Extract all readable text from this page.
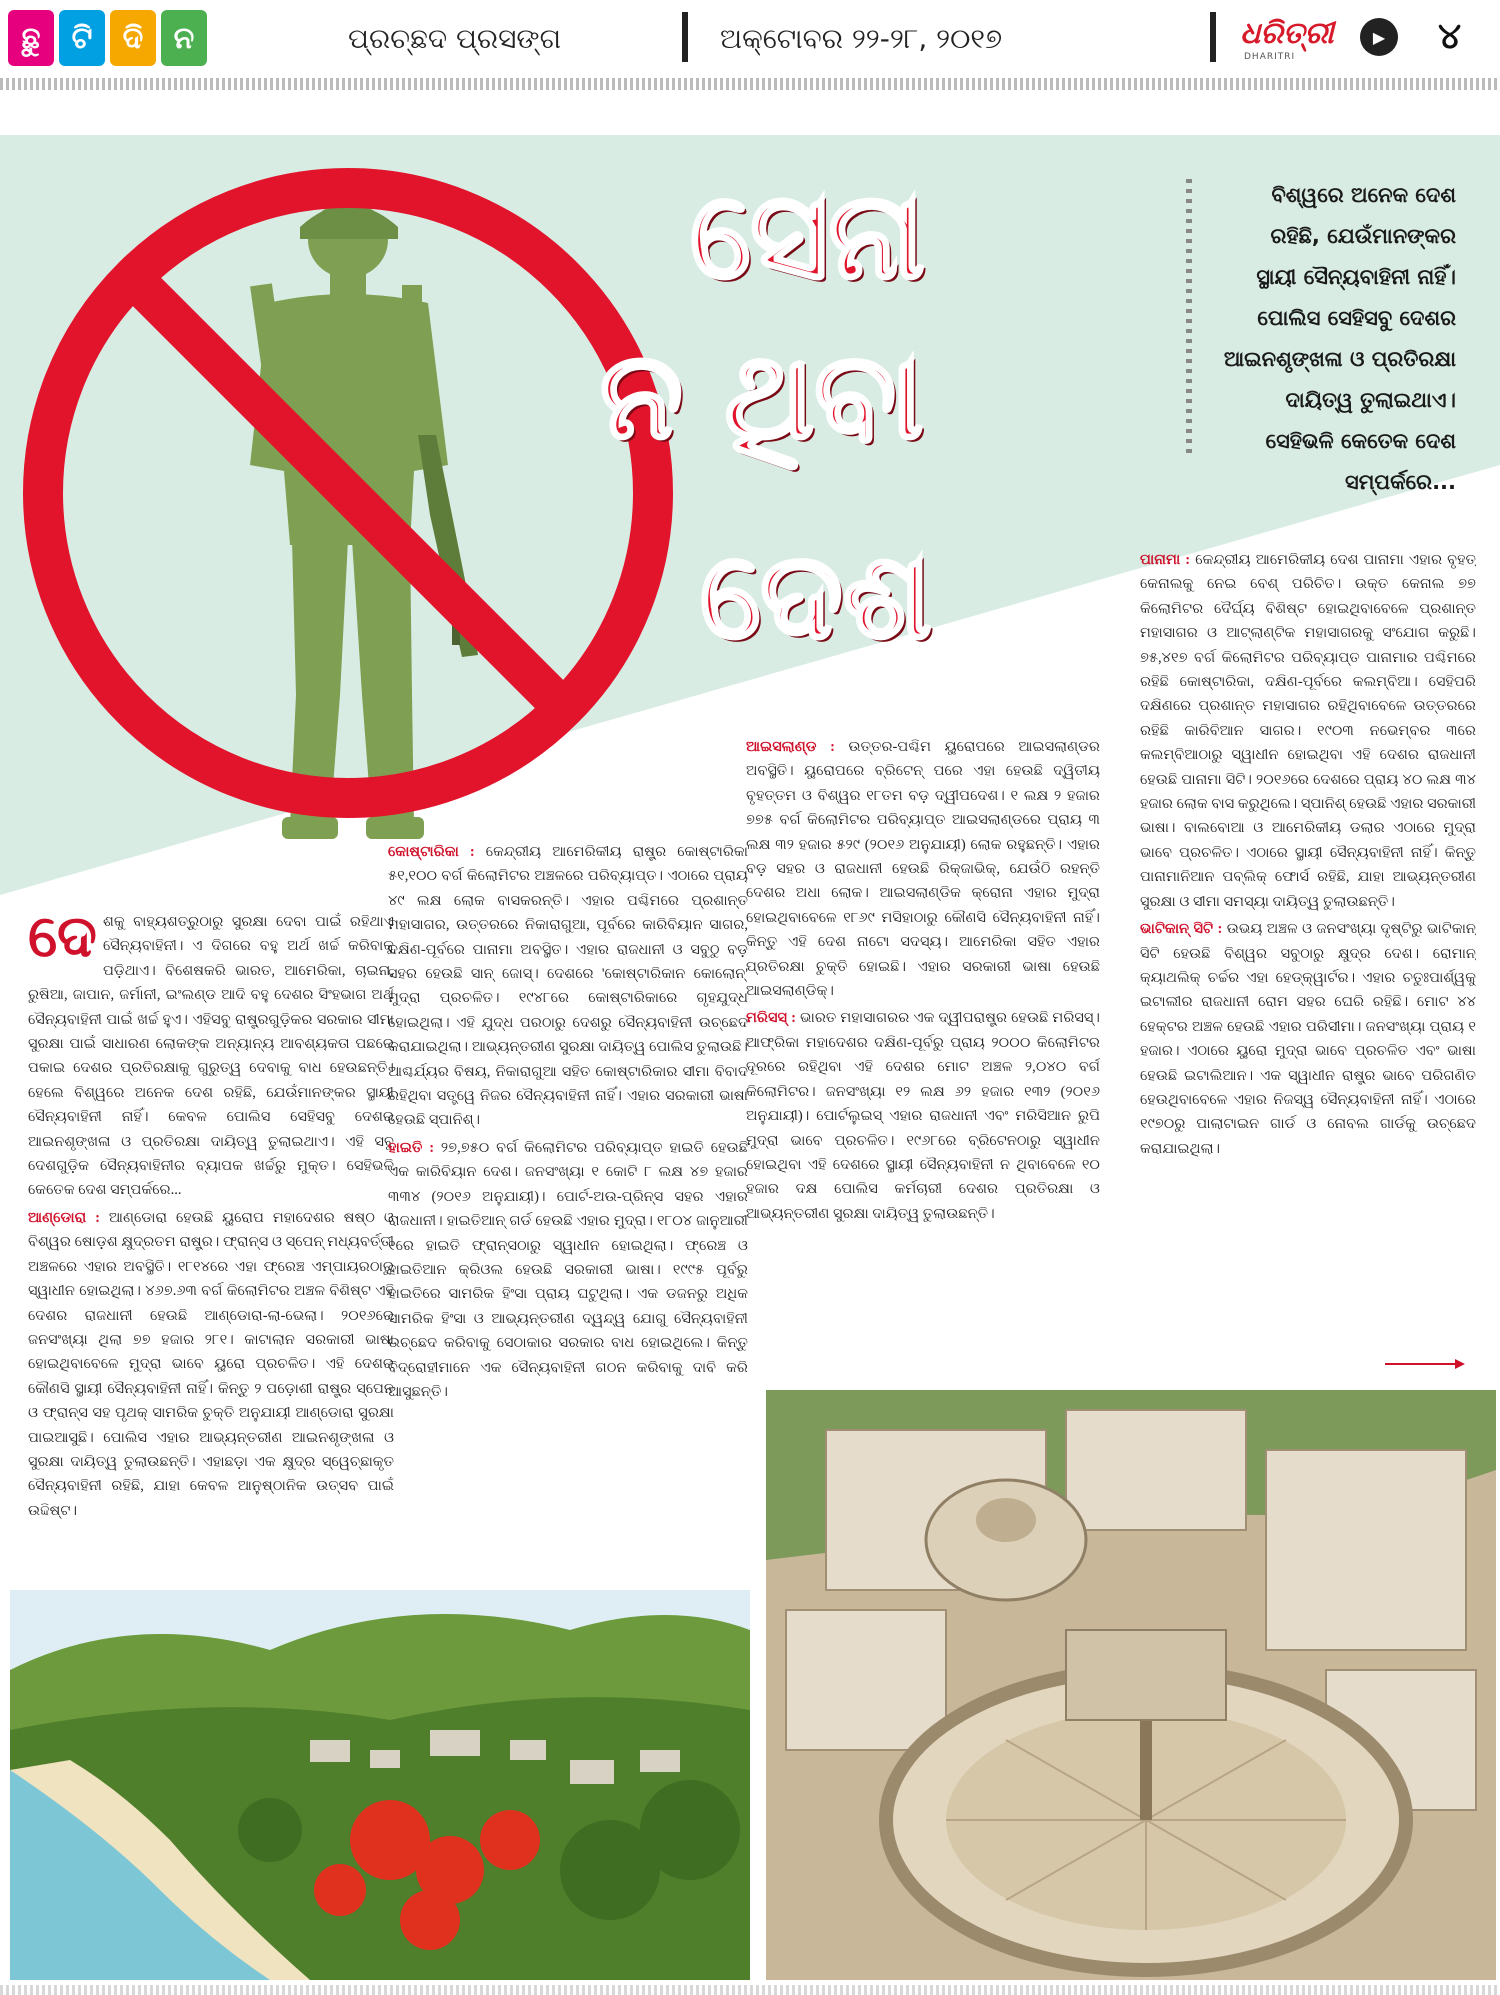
ଛୁ	ଟି	ଦି	ନ	ପ୍ରଚ୍ଛଦ ପ୍ରସଙ୍ଗ	ଅକ୍ଟୋବର ୨୨-୨୮, ୨୦୧୭	ଧରିତ୍ରୀ
DHARITRI
▶	୪
ସେନା
ନ ଥିବା
ଦେଶ
ବିଶ୍ୱରେ ଅନେକ ଦେଶ
ରହିଛି, ଯେଉଁମାନଙ୍କର
ସ୍ଥାୟୀ ସୈନ୍ୟବାହିନୀ ନାହିଁ।
ପୋଲିସ ସେହିସବୁ ଦେଶର
ଆଇନଶୃଙ୍ଖଳା ଓ ପ୍ରତିରକ୍ଷା
ଦାୟିତ୍ୱ ତୁଲାଇଥାଏ।
ସେହିଭଳି କେତେକ ଦେଶ
ସମ୍ପର୍କରେ...

ଦେଶକୁ ବାହ୍ୟଶତ୍ରୁଠାରୁ ସୁରକ୍ଷା ଦେବା ପାଇଁ ରହିଥାଏ ସୈନ୍ୟବାହିନୀ। ଏ ଦିଗରେ ବହୁ ଅର୍ଥ ଖର୍ଚ୍ଚ କରିବାକୁ ପଡ଼ିଥାଏ। ବିଶେଷକରି ଭାରତ, ଆମେରିକା, ଚାଇନା, ରୁଷିଆ, ଜାପାନ, ଜର୍ମାନୀ, ଇଂଲଣ୍ଡ ଆଦି ବହୁ ଦେଶର ସିଂହଭାଗ ଅର୍ଥ ସୈନ୍ୟବାହିନୀ ପାଇଁ ଖର୍ଚ୍ଚ ହୁଏ। ଏହିସବୁ ରାଷ୍ଟ୍ରଗୁଡ଼ିକର ସରକାର ସୀମା ସୁରକ୍ଷା ପାଇଁ ସାଧାରଣ ଲୋକଙ୍କ ଅନ୍ୟାନ୍ୟ ଆବଶ୍ୟକତା ପଛରେ ପକାଇ ଦେଶର ପ୍ରତିରକ୍ଷାକୁ ଗୁରୁତ୍ୱ ଦେବାକୁ ବାଧ ହେଉଛନ୍ତି। ହେଲେ ବିଶ୍ୱରେ ଅନେକ ଦେଶ ରହିଛି, ଯେଉଁମାନଙ୍କର ସ୍ଥାୟୀ ସୈନ୍ୟବାହିନୀ ନାହିଁ। କେବଳ ପୋଲିସ ସେହିସବୁ ଦେଶର ଆଇନଶୃଙ୍ଖଳା ଓ ପ୍ରତିରକ୍ଷା ଦାୟିତ୍ୱ ତୁଲାଇଥାଏ। ଏହି ସବୁ ଦେଶଗୁଡ଼ିକ ସୈନ୍ୟବାହିନୀର ବ୍ୟାପକ ଖର୍ଚ୍ଚରୁ ମୁକ୍ତ। ସେହିଭଳି କେତେକ ଦେଶ ସମ୍ପର୍କରେ...

ଆଣ୍ଡୋରା : ଆଣ୍ଡୋରା ହେଉଛି ୟୁରୋପ ମହାଦେଶର ଷଷ୍ଠ ଓ ବିଶ୍ୱର ଷୋଡ଼ଶ କ୍ଷୁଦ୍ରତମ ରାଷ୍ଟ୍ର। ଫ୍ରାନ୍ସ ଓ ସ୍ପେନ୍ ମଧ୍ୟବର୍ତ୍ତୀ ଅଞ୍ଚଳରେ ଏହାର ଅବସ୍ଥିତି। ୧୮୧୪ରେ ଏହା ଫ୍ରେଞ୍ଚ ଏମ୍ପାୟରଠାରୁ ସ୍ୱାଧୀନ ହୋଇଥିଲା। ୪୬୭.୬୩ ବର୍ଗ କିଲୋମିଟର ଅଞ୍ଚଳ ବିଶିଷ୍ଟ ଏହି ଦେଶର ରାଜଧାନୀ ହେଉଛି ଆଣ୍ଡୋରା-ଲା-ଭେଲା। ୨୦୧୬ରେ ଜନସଂଖ୍ୟା ଥିଲା ୭୭ ହଜାର ୨୮୧। କାଟାଲାନ ସରକାରୀ ଭାଷା ହୋଇଥିବାବେଳେ ମୁଦ୍ରା ଭାବେ ୟୁରୋ ପ୍ରଚଳିତ। ଏହି ଦେଶର କୌଣସି ସ୍ଥାୟୀ ସୈନ୍ୟବାହିନୀ ନାହିଁ। କିନ୍ତୁ ୨ ପଡ଼ୋଶୀ ରାଷ୍ଟ୍ର ସ୍ପେନ୍ ଓ ଫ୍ରାନ୍ସ ସହ ପୃଥକ୍ ସାମରିକ ଚୁକ୍ତି ଅନୁଯାୟୀ ଆଣ୍ଡୋରା ସୁରକ୍ଷା ପାଇଆସୁଛି। ପୋଲିସ ଏହାର ଆଭ୍ୟନ୍ତରୀଣ ଆଇନଶୃଙ୍ଖଳା ଓ ସୁରକ୍ଷା ଦାୟିତ୍ୱ ତୁଲାଉଛନ୍ତି। ଏହାଛଡ଼ା ଏକ କ୍ଷୁଦ୍ର ସ୍ୱେଚ୍ଛାକୃତ ସୈନ୍ୟବାହିନୀ ରହିଛି, ଯାହା କେବଳ ଆନୁଷ୍ଠାନିକ ଉତ୍ସବ ପାଇଁ ଉଦ୍ଦିଷ୍ଟ।

କୋଷ୍ଟାରିକା : କେନ୍ଦ୍ରୀୟ ଆମେରିକୀୟ ରାଷ୍ଟ୍ର କୋଷ୍ଟାରିକା ୫୧,୧୦୦ ବର୍ଗ କିଲୋମିଟର ଅଞ୍ଚଳରେ ପରିବ୍ୟାପ୍ତ। ଏଠାରେ ପ୍ରାୟ ୪୯ ଲକ୍ଷ ଲୋକ ବାସକରନ୍ତି। ଏହାର ପଶ୍ଚିମରେ ପ୍ରଶାନ୍ତ ମହାସାଗର, ଉତ୍ତରରେ ନିକାରାଗୁଆ, ପୂର୍ବରେ କାରିବିୟାନ ସାଗର, ଦକ୍ଷିଣ-ପୂର୍ବରେ ପାନାମା ଅବସ୍ଥିତ। ଏହାର ରାଜଧାନୀ ଓ ସବୁଠୁ ବଡ଼ ସହର ହେଉଛି ସାନ୍ ଜୋସ୍। ଦେଶରେ 'କୋଷ୍ଟାରିକାନ କୋଲୋନ୍' ମୁଦ୍ରା ପ୍ରଚଳିତ। ୧୯୪୮ରେ କୋଷ୍ଟାରିକାରେ ଗୃହଯୁଦ୍ଧ ହୋଇଥିଲା। ଏହି ଯୁଦ୍ଧ ପରଠାରୁ ଦେଶରୁ ସୈନ୍ୟବାହିନୀ ଉଚ୍ଛେଦ କରାଯାଇଥିଲା। ଆଭ୍ୟନ୍ତରୀଣ ସୁରକ୍ଷା ଦାୟିତ୍ୱ ପୋଲିସ ତୁଲାଉଛି। ଆଶ୍ଚର୍ଯ୍ୟର ବିଷୟ, ନିକାରାଗୁଆ ସହିତ କୋଷ୍ଟାରିକାର ସୀମା ବିବାଦ ରହିଥିବା ସତ୍ତ୍ୱେ ନିଜର ସୈନ୍ୟବାହିନୀ ନାହିଁ। ଏହାର ସରକାରୀ ଭାଷା ହେଉଛି ସ୍ପାନିଶ୍।

ହାଇତି : ୨୭,୭୫୦ ବର୍ଗ କିଲୋମିଟର ପରିବ୍ୟାପ୍ତ ହାଇତି ହେଉଛି ଏକ କାରିବିୟାନ ଦେଶ। ଜନସଂଖ୍ୟା ୧ କୋଟି ୮ ଲକ୍ଷ ୪୭ ହଜାର ୩୩୪ (୨୦୧୬ ଅନୁଯାୟୀ)। ପୋର୍ଟ-ଅଉ-ପ୍ରିନ୍ସ ସହର ଏହାର ରାଜଧାନୀ। ହାଇତିଆନ୍ ଗର୍ଡ ହେଉଛି ଏହାର ମୁଦ୍ରା। ୧୮୦୪ ଜାନୁଆରୀ ୧ରେ ହାଇତି ଫ୍ରାନ୍ସଠାରୁ ସ୍ୱାଧୀନ ହୋଇଥିଲା। ଫ୍ରେଞ୍ଚ ଓ ହାଇତିଆନ କ୍ରିଓଲ ହେଉଛି ସରକାରୀ ଭାଷା। ୧୯୯୫ ପୂର୍ବରୁ ହାଇତିରେ ସାମରିକ ହିଂସା ପ୍ରାୟ ଘଟୁଥିଲା। ଏକ ଡଜନରୁ ଅଧିକ ସାମରିକ ହିଂସା ଓ ଆଭ୍ୟନ୍ତରୀଣ ଦ୍ୱନ୍ଦ୍ୱ ଯୋଗୁ ସୈନ୍ୟବାହିନୀ ଉଚ୍ଛେଦ କରିବାକୁ ସେଠାକାର ସରକାର ବାଧ ହୋଇଥିଲେ। କିନ୍ତୁ ବିଦ୍ରୋହୀମାନେ ଏକ ସୈନ୍ୟବାହିନୀ ଗଠନ କରିବାକୁ ଦାବି କରି ଆସୁଛନ୍ତି।

ଆଇସଲାଣ୍ଡ : ଉତ୍ତର-ପଶ୍ଚିମ ୟୁରୋପରେ ଆଇସଲାଣ୍ଡର ଅବସ୍ଥିତି। ୟୁରୋପରେ ବ୍ରିଟେନ୍ ପରେ ଏହା ହେଉଛି ଦ୍ୱିତୀୟ ବୃହତ୍ତମ ଓ ବିଶ୍ୱର ୧୮ତମ ବଡ଼ ଦ୍ୱୀପଦେଶ। ୧ ଲକ୍ଷ ୨ ହଜାର ୭୭୫ ବର୍ଗ କିଲୋମିଟର ପରିବ୍ୟାପ୍ତ ଆଇସଲାଣ୍ଡରେ ପ୍ରାୟ ୩ ଲକ୍ଷ ୩୨ ହଜାର ୫୨୯ (୨୦୧୬ ଅନୁଯାୟୀ) ଲୋକ ରହୁଛନ୍ତି। ଏହାର ବଡ଼ ସହର ଓ ରାଜଧାନୀ ହେଉଛି ରିକ୍ଜାଭିକ୍, ଯେଉଁଠି ରହନ୍ତି ଦେଶର ଅଧା ଲୋକ। ଆଇସଲାଣ୍ଡିକ କ୍ରୋନା ଏହାର ମୁଦ୍ରା ହୋଇଥିବାବେଳେ ୧୮୬୯ ମସିହାଠାରୁ କୌଣସି ସୈନ୍ୟବାହିନୀ ନାହିଁ। କିନ୍ତୁ ଏହି ଦେଶ ନାଟୋ ସଦସ୍ୟ। ଆମେରିକା ସହିତ ଏହାର ପ୍ରତିରକ୍ଷା ଚୁକ୍ତି ହୋଇଛି। ଏହାର ସରକାରୀ ଭାଷା ହେଉଛି ଆଇସଲାଣ୍ଡିକ୍।

ମରିସସ୍ : ଭାରତ ମହାସାଗରର ଏକ ଦ୍ୱୀପରାଷ୍ଟ୍ର ହେଉଛି ମରିସସ୍। ଆଫ୍ରିକା ମହାଦେଶର ଦକ୍ଷିଣ-ପୂର୍ବରୁ ପ୍ରାୟ ୨୦୦୦ କିଲୋମିଟର ଦୂରରେ ରହିଥିବା ଏହି ଦେଶର ମୋଟ ଅଞ୍ଚଳ ୨,୦୪୦ ବର୍ଗ କିଲୋମିଟର। ଜନସଂଖ୍ୟା ୧୨ ଲକ୍ଷ ୬୨ ହଜାର ୧୩୨ (୨୦୧୬ ଅନୁଯାୟୀ)। ପୋର୍ଟଲୁଇସ୍ ଏହାର ରାଜଧାନୀ ଏବଂ ମରିସିଆନ ରୁପି ମୁଦ୍ରା ଭାବେ ପ୍ରଚଳିତ। ୧୯୬୮ରେ ବ୍ରିଟେନଠାରୁ ସ୍ୱାଧୀନ ହୋଇଥିବା ଏହି ଦେଶରେ ସ୍ଥାୟୀ ସୈନ୍ୟବାହିନୀ ନ ଥିବାବେଳେ ୧୦ ହଜାର ଦକ୍ଷ ପୋଲିସ କର୍ମଚାରୀ ଦେଶର ପ୍ରତିରକ୍ଷା ଓ ଆଭ୍ୟନ୍ତରୀଣ ସୁରକ୍ଷା ଦାୟିତ୍ୱ ତୁଲାଉଛନ୍ତି।

ପାନାମା : କେନ୍ଦ୍ରୀୟ ଆମେରିକୀୟ ଦେଶ ପାନାମା ଏହାର ବୃହତ୍ କେନାଲକୁ ନେଇ ବେଶ୍ ପରିଚିତ। ଉକ୍ତ କେନାଲ ୭୭ କିଲୋମିଟର ଦୈର୍ଘ୍ୟ ବିଶିଷ୍ଟ ହୋଇଥିବାବେଳେ ପ୍ରଶାନ୍ତ ମହାସାଗର ଓ ଆଟ୍ଲାଣ୍ଟିକ ମହାସାଗରକୁ ସଂଯୋଗ କରୁଛି। ୭୫,୪୧୭ ବର୍ଗ କିଲୋମିଟର ପରିବ୍ୟାପ୍ତ ପାନାମାର ପଶ୍ଚିମରେ ରହିଛି କୋଷ୍ଟାରିକା, ଦକ୍ଷିଣ-ପୂର୍ବରେ କଲମ୍ବିଆ। ସେହିପରି ଦକ୍ଷିଣରେ ପ୍ରଶାନ୍ତ ମହାସାଗର ରହିଥିବାବେଳେ ଉତ୍ତରରେ ରହିଛି କାରିବିଆନ ସାଗର। ୧୯୦୩ ନଭେମ୍ବର ୩ରେ କଲମ୍ବିଆଠାରୁ ସ୍ୱାଧୀନ ହୋଇଥିବା ଏହି ଦେଶର ରାଜଧାନୀ ହେଉଛି ପାନାମା ସିଟି। ୨୦୧୬ରେ ଦେଶରେ ପ୍ରାୟ ୪୦ ଲକ୍ଷ ୩୪ ହଜାର ଲୋକ ବାସ କରୁଥିଲେ। ସ୍ପାନିଶ୍ ହେଉଛି ଏହାର ସରକାରୀ ଭାଷା। ବାଲବୋଆ ଓ ଆମେରିକୀୟ ଡଲାର ଏଠାରେ ମୁଦ୍ରା ଭାବେ ପ୍ରଚଳିତ। ଏଠାରେ ସ୍ଥାୟୀ ସୈନ୍ୟବାହିନୀ ନାହିଁ। କିନ୍ତୁ ପାନାମାନିଆନ ପବ୍ଲିକ୍ ଫୋର୍ସ ରହିଛି, ଯାହା ଆଭ୍ୟନ୍ତରୀଣ ସୁରକ୍ଷା ଓ ସୀମା ସମସ୍ୟା ଦାୟିତ୍ୱ ତୁଲାଉଛନ୍ତି।

ଭାଟିକାନ୍ ସିଟି : ଉଭୟ ଅଞ୍ଚଳ ଓ ଜନସଂଖ୍ୟା ଦୃଷ୍ଟିରୁ ଭାଟିକାନ୍ ସିଟି ହେଉଛି ବିଶ୍ୱର ସବୁଠାରୁ କ୍ଷୁଦ୍ର ଦେଶ। ରୋମାନ୍ କ୍ୟାଥଲିକ୍ ଚର୍ଚ୍ଚର ଏହା ହେଡ୍‌କ୍ୱାର୍ଟର। ଏହାର ଚତୁଃପାର୍ଶ୍ୱକୁ ଇଟାଲୀର ରାଜଧାନୀ ରୋମ ସହର ଘେରି ରହିଛି। ମୋଟ ୪୪ ହେକ୍ଟର ଅଞ୍ଚଳ ହେଉଛି ଏହାର ପରିସୀମା। ଜନସଂଖ୍ୟା ପ୍ରାୟ ୧ ହଜାର। ଏଠାରେ ୟୁରୋ ମୁଦ୍ରା ଭାବେ ପ୍ରଚଳିତ ଏବଂ ଭାଷା ହେଉଛି ଇଟାଲିଆନ। ଏକ ସ୍ୱାଧୀନ ରାଷ୍ଟ୍ର ଭାବେ ପରିଗଣିତ ହେଉଥିବାବେଳେ ଏହାର ନିଜସ୍ୱ ସୈନ୍ୟବାହିନୀ ନାହିଁ। ଏଠାରେ ୧୯୭୦ରୁ ପାଲାଟାଇନ ଗାର୍ଡ ଓ ନୋବଲ ଗାର୍ଡକୁ ଉଚ୍ଛେଦ କରାଯାଇଥିଲା।
